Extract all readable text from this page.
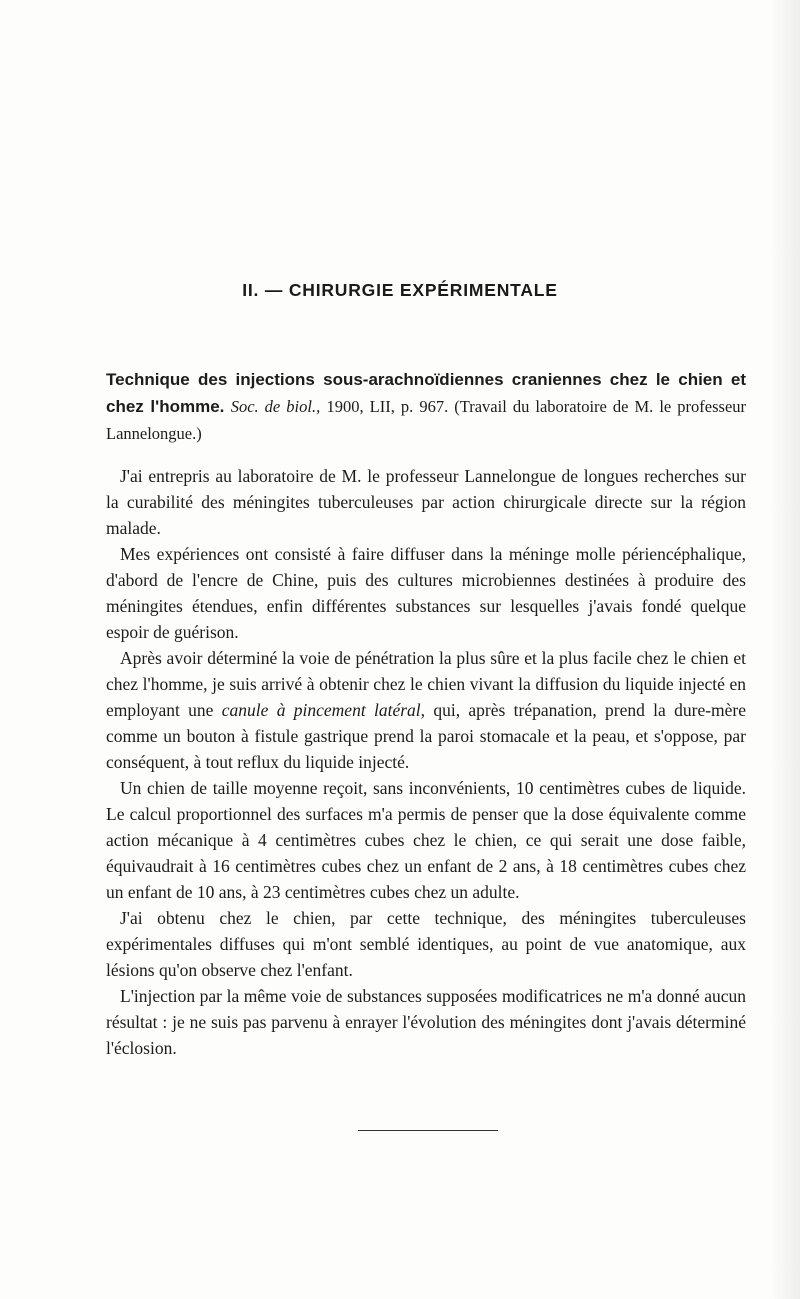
II. — CHIRURGIE EXPÉRIMENTALE
Technique des injections sous-arachnoïdiennes craniennes chez le chien et chez l'homme. Soc. de biol., 1900, LII, p. 967. (Travail du laboratoire de M. le professeur Lannelongue.)

J'ai entrepris au laboratoire de M. le professeur Lannelongue de longues recherches sur la curabilité des méningites tuberculeuses par action chirurgicale directe sur la région malade.

Mes expériences ont consisté à faire diffuser dans la méninge molle périencéphalique, d'abord de l'encre de Chine, puis des cultures microbiennes destinées à produire des méningites étendues, enfin différentes substances sur lesquelles j'avais fondé quelque espoir de guérison.

Après avoir déterminé la voie de pénétration la plus sûre et la plus facile chez le chien et chez l'homme, je suis arrivé à obtenir chez le chien vivant la diffusion du liquide injecté en employant une canule à pincement latéral, qui, après trépanation, prend la dure-mère comme un bouton à fistule gastrique prend la paroi stomacale et la peau, et s'oppose, par conséquent, à tout reflux du liquide injecté.

Un chien de taille moyenne reçoit, sans inconvénients, 10 centimètres cubes de liquide. Le calcul proportionnel des surfaces m'a permis de penser que la dose équivalente comme action mécanique à 4 centimètres cubes chez le chien, ce qui serait une dose faible, équivaudrait à 16 centimètres cubes chez un enfant de 2 ans, à 18 centimètres cubes chez un enfant de 10 ans, à 23 centimètres cubes chez un adulte.

J'ai obtenu chez le chien, par cette technique, des méningites tuberculeuses expérimentales diffuses qui m'ont semblé identiques, au point de vue anatomique, aux lésions qu'on observe chez l'enfant.

L'injection par la même voie de substances supposées modificatrices ne m'a donné aucun résultat : je ne suis pas parvenu à enrayer l'évolution des méningites dont j'avais déterminé l'éclosion.
